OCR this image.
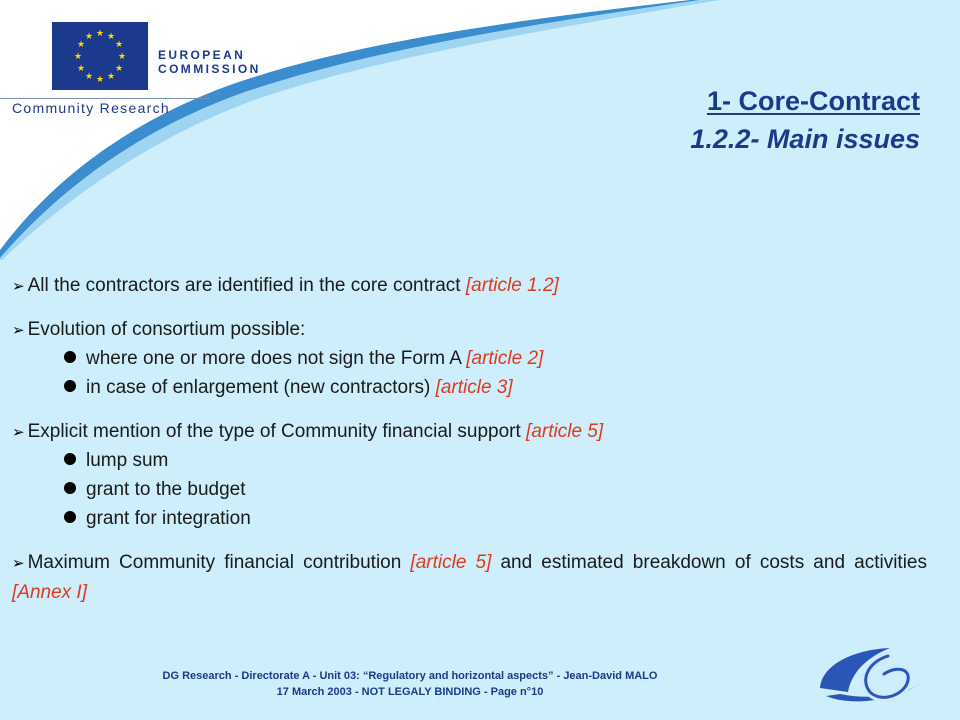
★ ★
★
★
★
★
★
★
★
★
★
★
EUROPEAN
COMMISSION
Community Research	1- Core-Contract
1.2.2- Main issues
➢ All the contractors are identified in the core contract [article 1.2]
➢ Evolution of consortium possible:
where one or more does not sign the Form A [article 2]
in case of enlargement (new contractors) [article 3]
➢ Explicit mention of the type of Community financial support [article 5]
lump sum
grant to the budget
grant for integration
➢ Maximum Community financial contribution [article 5] and estimated breakdown of costs and activities [Annex I]
DG Research - Directorate A - Unit 03: “Regulatory and horizontal aspects” - Jean-David MALO
17 March 2003 - NOT LEGALY BINDING - Page n°10
